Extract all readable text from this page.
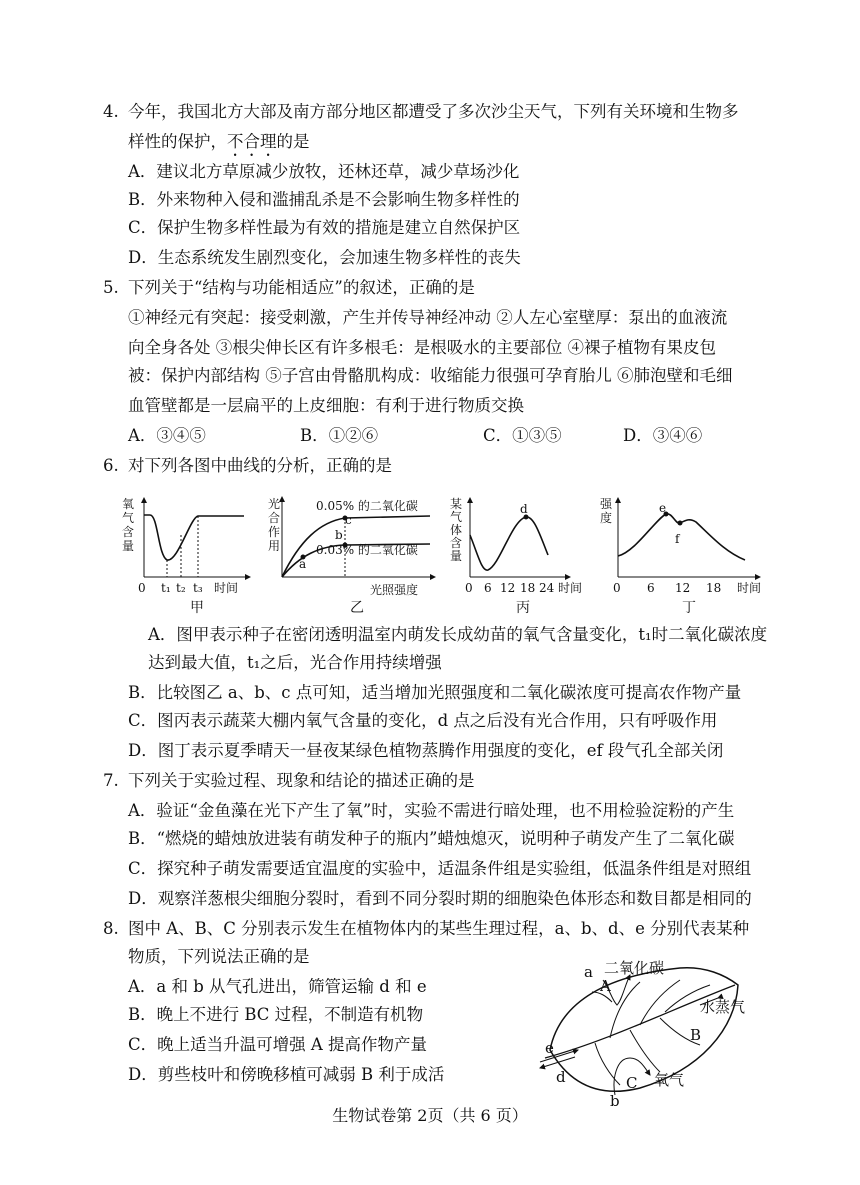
4. 今年，我国北方大部及南方部分地区都遭受了多次沙尘天气，下列有关环境和生物多
样性的保护，不合理的是
A．建议北方草原减少放牧，还林还草，减少草场沙化
B．外来物种入侵和滥捕乱杀是不会影响生物多样性的
C．保护生物多样性最为有效的措施是建立自然保护区
D．生态系统发生剧烈变化，会加速生物多样性的丧失
5. 下列关于“结构与功能相适应”的叙述，正确的是
①神经元有突起：接受刺激，产生并传导神经冲动 ②人左心室壁厚：泵出的血液流
向全身各处 ③根尖伸长区有许多根毛：是根吸水的主要部位 ④裸子植物有果皮包
被：保护内部结构 ⑤子宫由骨骼肌构成：收缩能力很强可孕育胎儿 ⑥肺泡壁和毛细
血管壁都是一层扁平的上皮细胞：有利于进行物质交换
A．③④⑤	B．①②⑥	C．①③⑤	D．③④⑥
6. 对下列各图中曲线的分析，正确的是
氧
气
含
量
0 t₁ t₂ t₃ 时间
甲
光
合
作
用
a
b
c
0.05% 的二氧化碳
0.03% 的二氧化碳
光照强度
乙
某
气
体
含
量
d
0 6 12 18 24 时间
丙
强
度
e
f
0 6 12 18 时间
丁
二氧化碳
a
A
水蒸气
B
C 氧气
b
d
e
A．图甲表示种子在密闭透明温室内萌发长成幼苗的氧气含量变化，t₁时二氧化碳浓度
达到最大值，t₁之后，光合作用持续增强
B．比较图乙 a、b、c 点可知，适当增加光照强度和二氧化碳浓度可提高农作物产量
C．图丙表示蔬菜大棚内氧气含量的变化，d 点之后没有光合作用，只有呼吸作用
D．图丁表示夏季晴天一昼夜某绿色植物蒸腾作用强度的变化，ef 段气孔全部关闭
7. 下列关于实验过程、现象和结论的描述正确的是
A．验证“金鱼藻在光下产生了氧”时，实验不需进行暗处理，也不用检验淀粉的产生
B．“燃烧的蜡烛放进装有萌发种子的瓶内”蜡烛熄灭，说明种子萌发产生了二氧化碳
C．探究种子萌发需要适宜温度的实验中，适温条件组是实验组，低温条件组是对照组
D．观察洋葱根尖细胞分裂时，看到不同分裂时期的细胞染色体形态和数目都是相同的
8. 图中 A、B、C 分别表示发生在植物体内的某些生理过程，a、b、d、e 分别代表某种
物质，下列说法正确的是
A．a 和 b 从气孔进出，筛管运输 d 和 e
B．晚上不进行 BC 过程，不制造有机物
C．晚上适当升温可增强 A 提高作物产量
D．剪些枝叶和傍晚移植可减弱 B 利于成活
生物试卷第 2页（共 6 页）
